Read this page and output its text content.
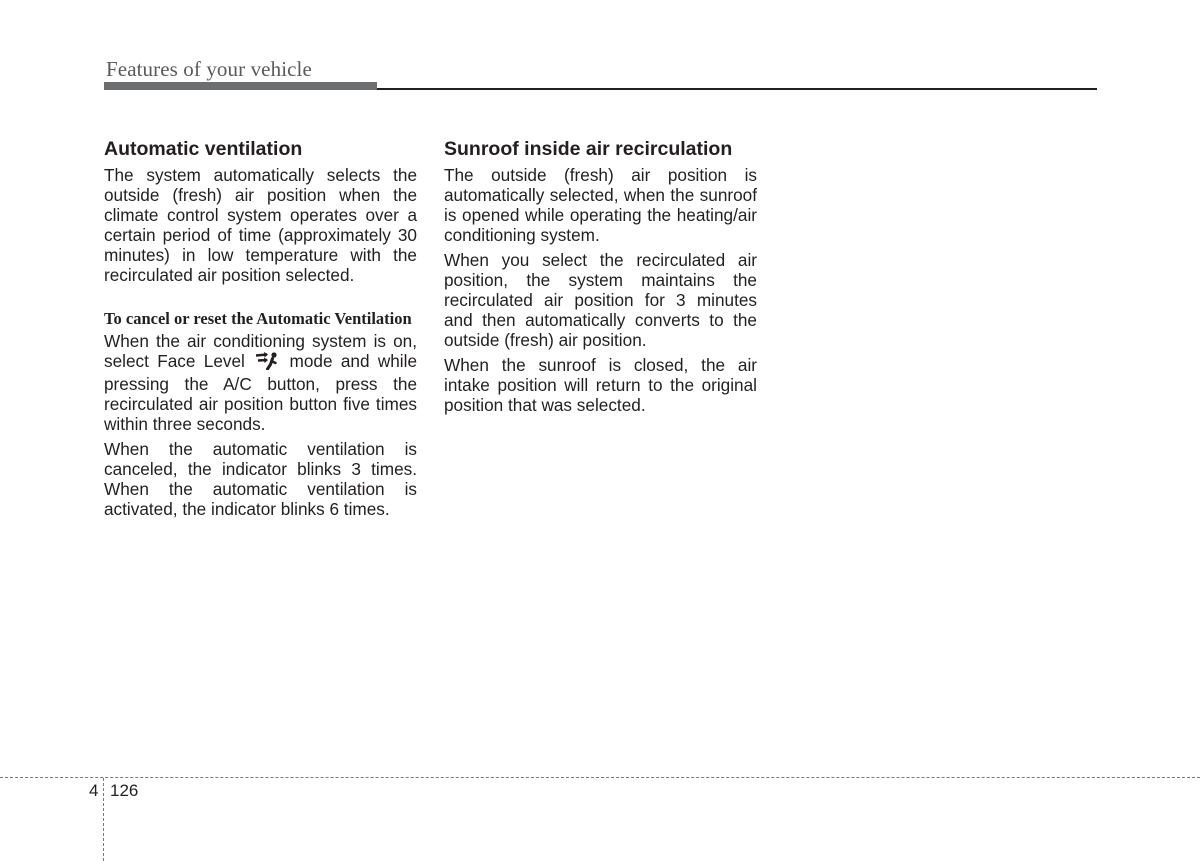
Features of your vehicle
Automatic ventilation

The system automatically selects the outside (fresh) air position when the climate control system operates over a certain period of time (approximately 30 minutes) in low temperature with the recirculated air position selected.

To cancel or reset the Automatic Ventilation

When the air conditioning system is on, select Face Level	mode and while pressing the A/C button, press the recirculated air position button five times within three seconds.

When the automatic ventilation is canceled, the indicator blinks 3 times. When the automatic ventilation is activated, the indicator blinks 6 times.

Sunroof inside air recirculation

The outside (fresh) air position is automatically selected, when the sunroof is opened while operating the heating/air conditioning system.

When you select the recirculated air position, the system maintains the recirculated air position for 3 minutes and then automatically converts to the outside (fresh) air position.

When the sunroof is closed, the air intake position will return to the original position that was selected.

4 126
